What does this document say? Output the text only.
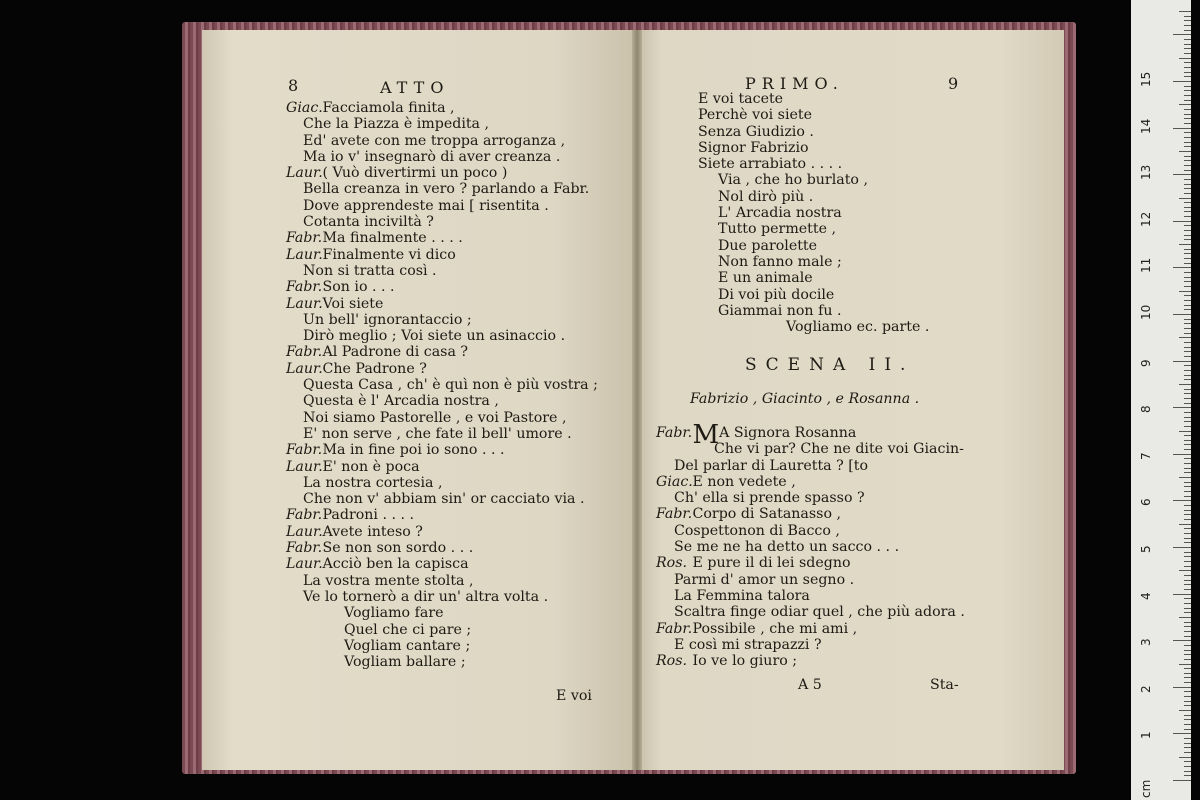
8	ATTO
Giac. Facciamola finita ,
Che la Piazza è impedita ,
Ed' avete con me troppa arroganza ,
Ma io v' insegnarò di aver creanza .
Laur. ( Vuò divertirmi un poco )
Bella creanza in vero ? parlando a Fabr.
Dove apprendeste mai [ risentita .
Cotanta inciviltà ?
Fabr. Ma finalmente . . . .
Laur. Finalmente vi dico
Non si tratta così .
Fabr. Son io . . .
Laur. Voi siete
Un bell' ignorantaccio ;
Dirò meglio ; Voi siete un asinaccio .
Fabr. Al Padrone di casa ?
Laur. Che Padrone ?
Questa Casa , ch' è quì non è più vostra ;
Questa è l' Arcadia nostra ,
Noi siamo Pastorelle , e voi Pastore ,
E' non serve , che fate il bell' umore .
Fabr. Ma in fine poi io sono . . .
Laur. E' non è poca
La nostra cortesia ,
Che non v' abbiam sin' or cacciato via .
Fabr. Padroni . . . .
Laur. Avete inteso ?
Fabr. Se non son sordo . . .
Laur. Acciò ben la capisca
La vostra mente stolta ,
Ve lo tornerò a dir un' altra volta .
Vogliamo fare
Quel che ci pare ;
Vogliam cantare ;
Vogliam ballare ;
E voi
PRIMO.	9
E voi tacete
Perchè voi siete
Senza Giudizio .
Signor Fabrizio
Siete arrabiato . . . .
Via , che ho burlato ,
Nol dirò più .
L' Arcadia nostra
Tutto permette ,
Due parolette
Non fanno male ;
E un animale
Di voi più docile
Giammai non fu .
Vogliamo ec. parte .
SCENA II.
Fabrizio , Giacinto , e Rosanna .
Fabr. MA Signora Rosanna
Che vi par? Che ne dite voi Giacin-
Del parlar di Lauretta ? [to
Giac. E non vedete ,
Ch' ella si prende spasso ?
Fabr. Corpo di Satanasso ,
Cospettonon di Bacco ,
Se me ne ha detto un sacco . . .
Ros. E pure il di lei sdegno
Parmi d' amor un segno .
La Femmina talora
Scaltra finge odiar quel , che più adora .
Fabr. Possibile , che mi ami ,
E così mi strapazzi ?
Ros. Io ve lo giuro ;
A 5	Sta-
cm
1
2
3
4
5
6
7
8
9
10
11
12
13
14
15
